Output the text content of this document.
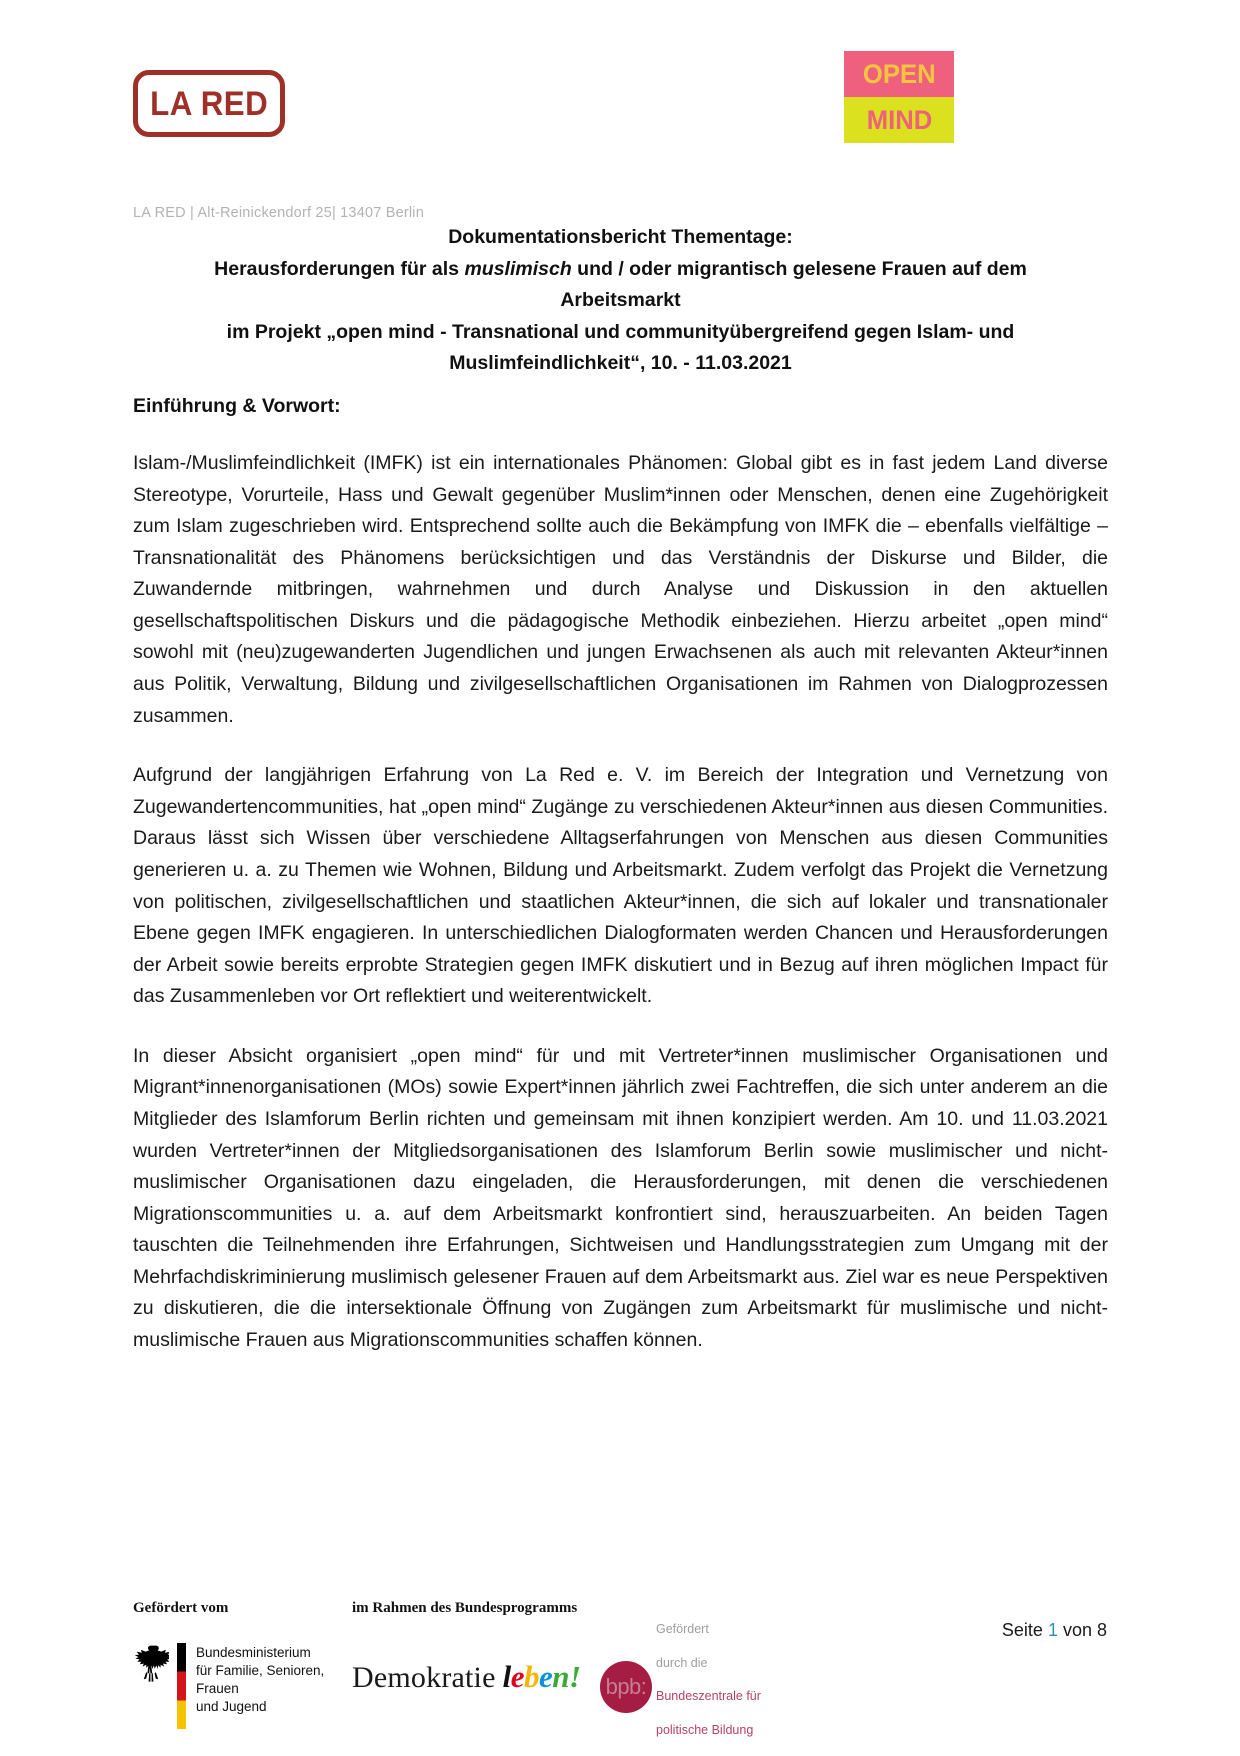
LA RED
OPEN
MIND
LA RED | Alt-Reinickendorf 25| 13407 Berlin
Dokumentationsbericht Thementage:
Herausforderungen für als muslimisch und / oder migrantisch gelesene Frauen auf dem
Arbeitsmarkt
im Projekt „open mind - Transnational und communityübergreifend gegen Islam- und
Muslimfeindlichkeit“, 10. - 11.03.2021
Einführung & Vorwort:

Islam-/Muslimfeindlichkeit (IMFK) ist ein internationales Phänomen: Global gibt es in fast jedem Land diverse Stereotype, Vorurteile, Hass und Gewalt gegenüber Muslim*innen oder Menschen, denen eine Zugehörigkeit zum Islam zugeschrieben wird. Entsprechend sollte auch die Bekämpfung von IMFK die – ebenfalls vielfältige – Transnationalität des Phänomens berücksichtigen und das Verständnis der Diskurse und Bilder, die Zuwandernde mitbringen, wahrnehmen und durch Analyse und Diskussion in den aktuellen gesellschaftspolitischen Diskurs und die pädagogische Methodik einbeziehen. Hierzu arbeitet „open mind“ sowohl mit (neu)zugewanderten Jugendlichen und jungen Erwachsenen als auch mit relevanten Akteur*innen aus Politik, Verwaltung, Bildung und zivilgesellschaftlichen Organisationen im Rahmen von Dialogprozessen zusammen.

Aufgrund der langjährigen Erfahrung von La Red e. V. im Bereich der Integration und Vernetzung von Zugewandertencommunities, hat „open mind“ Zugänge zu verschiedenen Akteur*innen aus diesen Communities. Daraus lässt sich Wissen über verschiedene Alltagserfahrungen von Menschen aus diesen Communities generieren u. a. zu Themen wie Wohnen, Bildung und Arbeitsmarkt. Zudem verfolgt das Projekt die Vernetzung von politischen, zivilgesellschaftlichen und staatlichen Akteur*innen, die sich auf lokaler und transnationaler Ebene gegen IMFK engagieren. In unterschiedlichen Dialogformaten werden Chancen und Herausforderungen der Arbeit sowie bereits erprobte Strategien gegen IMFK diskutiert und in Bezug auf ihren möglichen Impact für das Zusammenleben vor Ort reflektiert und weiterentwickelt.

In dieser Absicht organisiert „open mind“ für und mit Vertreter*innen muslimischer Organisationen und Migrant*innenorganisationen (MOs) sowie Expert*innen jährlich zwei Fachtreffen, die sich unter anderem an die Mitglieder des Islamforum Berlin richten und gemeinsam mit ihnen konzipiert werden. Am 10. und 11.03.2021 wurden Vertreter*innen der Mitgliedsorganisationen des Islamforum Berlin sowie muslimischer und nicht-muslimischer Organisationen dazu eingeladen, die Herausforderungen, mit denen die verschiedenen Migrationscommunities u. a. auf dem Arbeitsmarkt konfrontiert sind, herauszuarbeiten. An beiden Tagen tauschten die Teilnehmenden ihre Erfahrungen, Sichtweisen und Handlungsstrategien zum Umgang mit der Mehrfachdiskriminierung muslimisch gelesener Frauen auf dem Arbeitsmarkt aus. Ziel war es neue Perspektiven zu diskutieren, die die intersektionale Öffnung von Zugängen zum Arbeitsmarkt für muslimische und nicht-muslimische Frauen aus Migrationscommunities schaffen können.

Gefördert vom
Bundesministerium
für Familie, Senioren, Frauen
und Jugend
im Rahmen des Bundesprogramms
Demokratie leben! bpb:

Gefördert

durch die

Bundeszentrale für

politische Bildung

Seite 1 von 8
